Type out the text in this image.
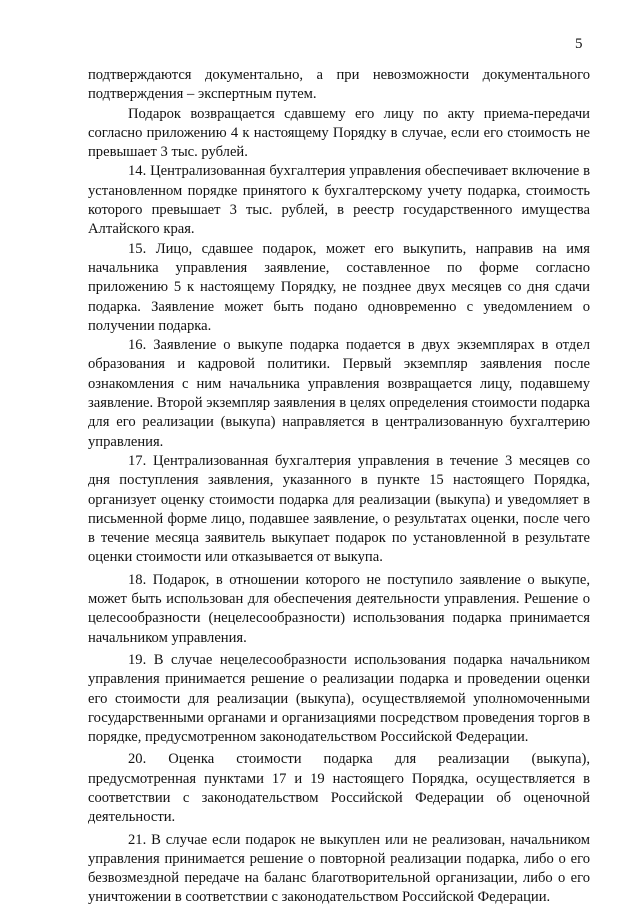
5

подтверждаются документально, а при невозможности документального подтверждения – экспертным путем.

Подарок возвращается сдавшему его лицу по акту приема-передачи согласно приложению 4 к настоящему Порядку в случае, если его стоимость не превышает 3 тыс. рублей.

14. Централизованная бухгалтерия управления обеспечивает включение в установленном порядке принятого к бухгалтерскому учету подарка, стоимость которого превышает 3 тыс. рублей, в реестр государственного имущества Алтайского края.

15. Лицо, сдавшее подарок, может его выкупить, направив на имя начальника управления заявление, составленное по форме согласно приложению 5 к настоящему Порядку, не позднее двух месяцев со дня сдачи подарка. Заявление может быть подано одновременно с уведомлением о получении подарка.

16. Заявление о выкупе подарка подается в двух экземплярах в отдел образования и кадровой политики. Первый экземпляр заявления после ознакомления с ним начальника управления возвращается лицу, подавшему заявление. Второй экземпляр заявления в целях определения стоимости подарка для его реализации (выкупа) направляется в централизованную бухгалтерию управления.

17. Централизованная бухгалтерия управления в течение 3 месяцев со дня поступления заявления, указанного в пункте 15 настоящего Порядка, организует оценку стоимости подарка для реализации (выкупа) и уведомляет в письменной форме лицо, подавшее заявление, о результатах оценки, после чего в течение месяца заявитель выкупает подарок по установленной в результате оценки стоимости или отказывается от выкупа.

18. Подарок, в отношении которого не поступило заявление о выкупе, может быть использован для обеспечения деятельности управления. Решение о целесообразности (нецелесообразности) использования подарка принимается начальником управления.

19. В случае нецелесообразности использования подарка начальником управления принимается решение о реализации подарка и проведении оценки его стоимости для реализации (выкупа), осуществляемой уполномоченными государственными органами и организациями посредством проведения торгов в порядке, предусмотренном законодательством Российской Федерации.

20. Оценка стоимости подарка для реализации (выкупа), предусмотренная пунктами 17 и 19 настоящего Порядка, осуществляется в соответствии с законодательством Российской Федерации об оценочной деятельности.

21. В случае если подарок не выкуплен или не реализован, начальником управления принимается решение о повторной реализации подарка, либо о его безвозмездной передаче на баланс благотворительной организации, либо о его уничтожении в соответствии с законодательством Российской Федерации.
